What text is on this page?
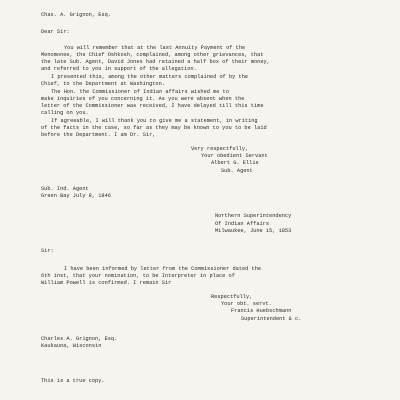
Chas. A. Grignon, Esq.
Dear Sir:
You will remember that at the last Annuity Payment of the
Menomonee, the Chief Oshkosh, complained, among other grievances, that
the late Sub. Agent, David Jones had retained a half box of their money,
and referred to you in support of the allegation.
I presented this, among the other matters complained of by the
Chief, to the Department at Washington.
The Hon. the Commissioner of Indian affairs wished me to
make inquiries of you concerning it. As you were absent when the
letter of the Commissioner was received, I have delayed till this time
calling on you.
If agreeable, I will thank you to give me a statement, in writing
of the facts in the case, so far as they may be known to you to be laid
before the Department. I am Dr. Sir,
Very respectfully,
Your obedient Servant
Albert G. Ellis
Sub. Agent
Sub. Ind. Agent
Green Bay July 8, 1846
Northern Superintendency
Of Indian Affairs
Milwaukee, June 15, 1853
Sir:
I have been informed by letter from the Commissioner dated the
6th inst, that your nomination, to be Interpreter in place of
William Powell is confirmed. I remain Sir
Respectfully,
Your obt. servt.
Francis Huebschmann
Superintendent & c.
Charles A. Grignon, Esq.
Kaukauna, Wisconsin
This is a true copy.
